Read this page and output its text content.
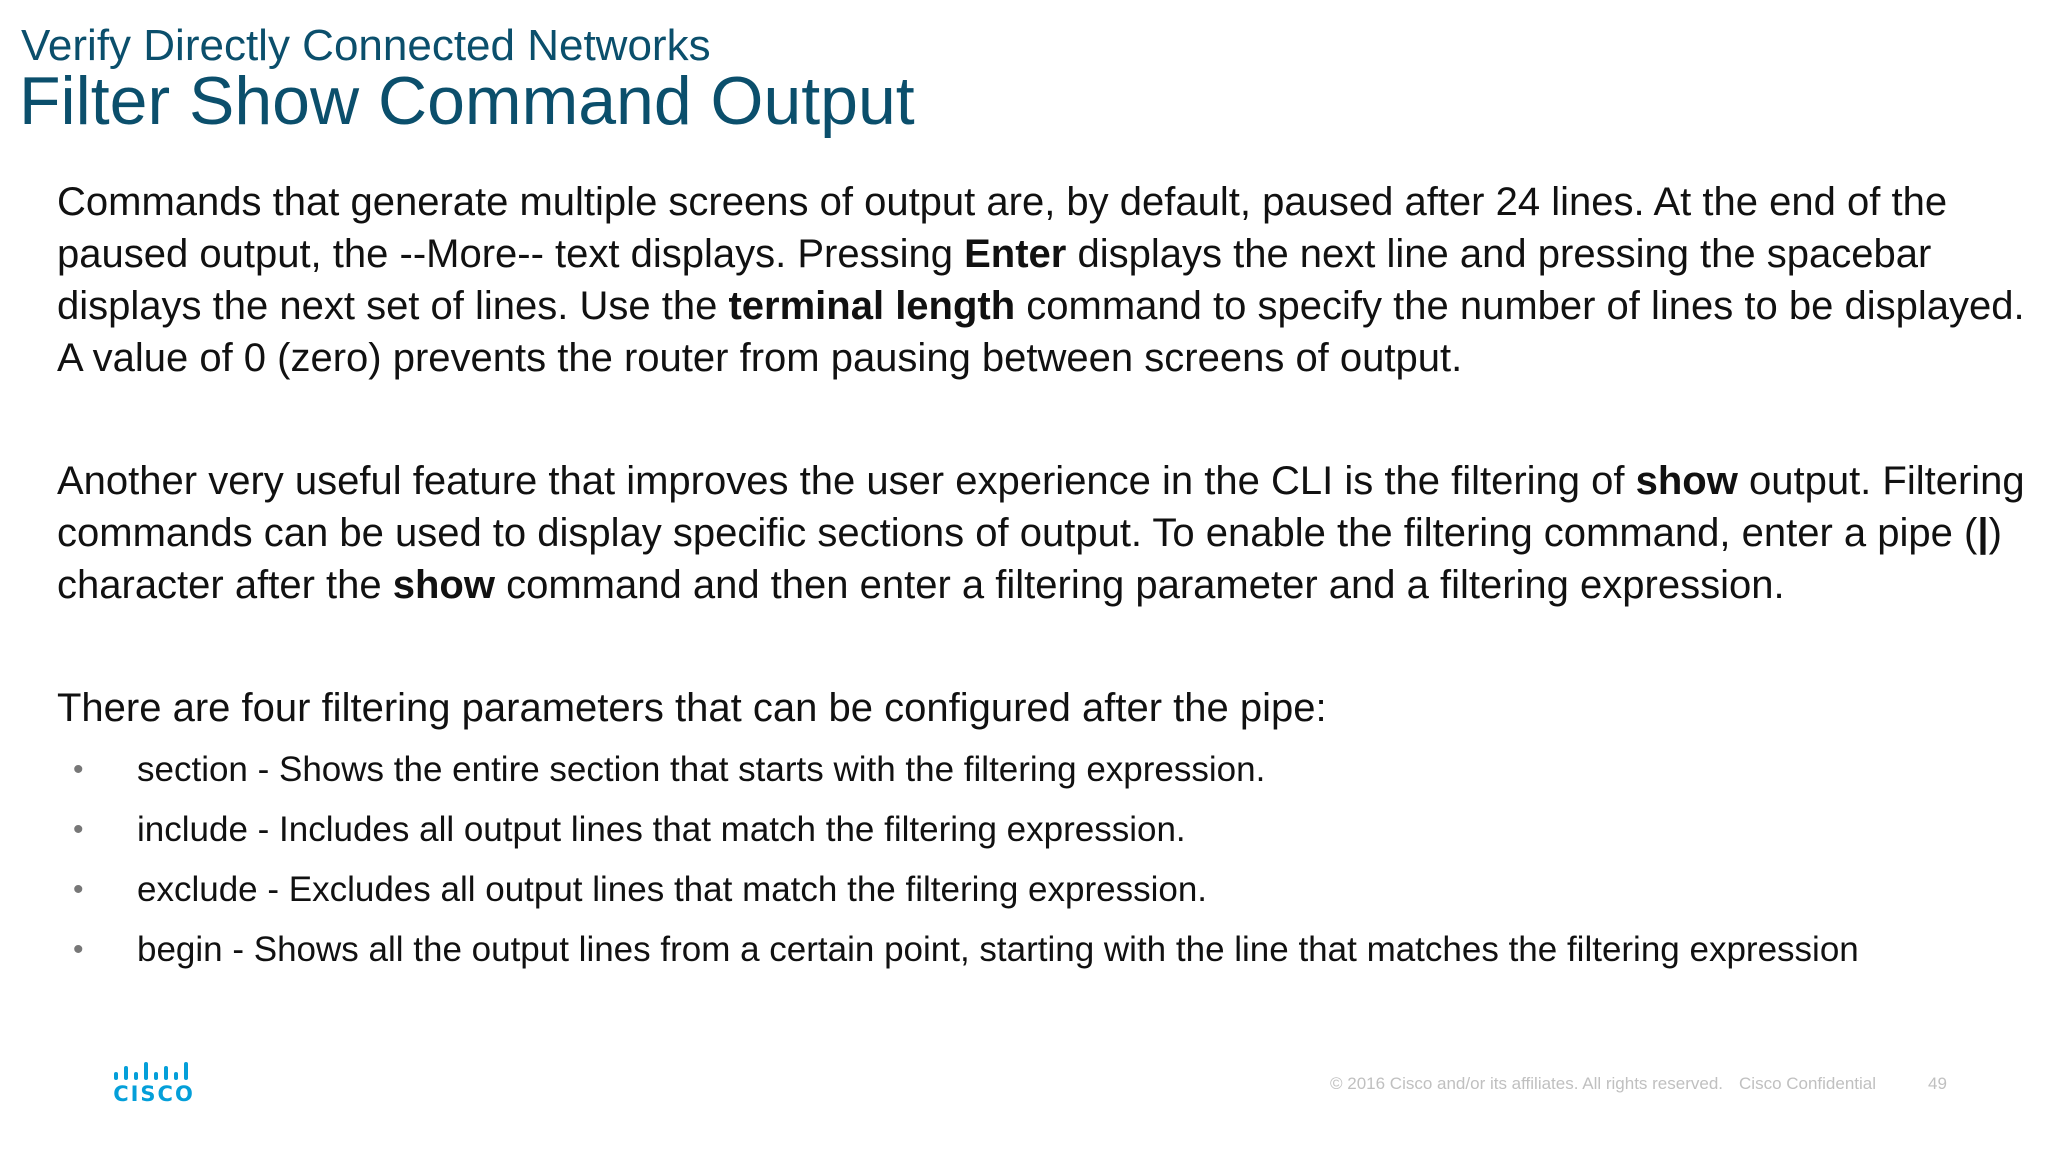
Verify Directly Connected Networks
Filter Show Command Output

Commands that generate multiple screens of output are, by default, paused after 24 lines. At the end of the paused output, the --More-- text displays. Pressing Enter displays the next line and pressing the spacebar displays the next set of lines. Use the terminal length command to specify the number of lines to be displayed. A value of 0 (zero) prevents the router from pausing between screens of output.

Another very useful feature that improves the user experience in the CLI is the filtering of show output. Filtering commands can be used to display specific sections of output. To enable the filtering command, enter a pipe (|) character after the show command and then enter a filtering parameter and a filtering expression.

There are four filtering parameters that can be configured after the pipe:

• section - Shows the entire section that starts with the filtering expression.
• include - Includes all output lines that match the filtering expression.
• exclude - Excludes all output lines that match the filtering expression.
• begin - Shows all the output lines from a certain point, starting with the line that matches the filtering expression
CISCO	© 2016 Cisco and/or its affiliates. All rights reserved. Cisco Confidential	49
